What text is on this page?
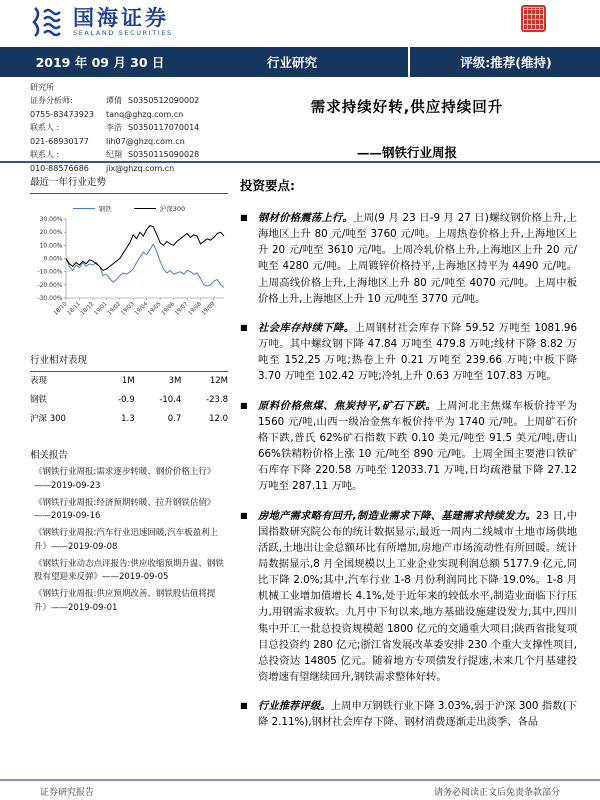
国海证券
SEALAND SECURITIES
2019 年 09 月 30 日	行业研究	评级:推荐(维持)
研究所
证券分析师:	谭倩 S0350512090002
0755-83473923	tanq@ghzq.com.cn
联系人 :	李浩 S0350117070014
021-68930177	lih07@ghzq.com.cn
联系人 :	纪翔 S0350115090028
010-88576686	jix@ghzq.com.cn
需求持续好转,供应持续回升
——钢铁行业周报
最近一年行业走势
钢铁	沪深300
30.00%
20.00%
10.00%
0.00%
-10.00%
-20.00%
-30.00%
18/10
18/11
18/12
19/01
19/02
19/03
19/04
19/05
19/06
19/07
19/08
19/09
行业相对表现
表现	1M	3M	12M
钢铁	-0.9	-10.4	-23.8
沪深 300	1.3	0.7	12.0
相关报告
《钢铁行业周报:需求逐步转暖、钢价价格上行》——2019-09-23
《钢铁行业周报:经济预期转暖、拉升钢铁估值》——2019-09-16
《钢铁行业周报:汽车行业迅速回暖,汽车板盈利上升》——2019-09-08
《钢铁行业动态点评报告:供应收缩预期升温、钢铁股有望迎来反弹》——2019-09-05
《钢铁行业周报:供应预期改善、钢铁股估值将提升》——2019-09-01
投资要点:
■	钢材价格震荡上行。上周(9 月 23 日-9 月 27 日)螺纹钢价格上升,上海地区上升 80 元/吨至 3760 元/吨。上周热卷价格上升,上海地区上升 20 元/吨至 3610 元/吨。上周冷轧价格上升,上海地区上升 20 元/吨至 4280 元/吨。上周镀锌价格持平,上海地区持平为 4490 元/吨。上周高线价格上升,上海地区上升 80 元/吨至 4070 元/吨。上周中板价格上升,上海地区上升 10 元/吨至 3770 元/吨。

■	社会库存持续下降。上周钢材社会库存下降 59.52 万吨至 1081.96 万吨。其中螺纹钢下降 47.84 万吨至 479.8 万吨;线材下降 8.82 万吨至 152.25 万吨;热卷上升 0.21 万吨至 239.66 万吨;中板下降 3.70 万吨至 102.42 万吨;冷轧上升 0.63 万吨至 107.83 万吨。

■	原料价格焦煤、焦炭持平,矿石下跌。上周河北主焦煤车板价持平为 1560 元/吨,山西一级冶金焦车板价持平为 1740 元/吨。上周矿石价格下跌,普氏 62%矿石指数下跌 0.10 美元/吨至 91.5 美元/吨,唐山 66%铁精粉价格上涨 10 元/吨至 890 元/吨。上周全国主要港口铁矿石库存下降 220.58 万吨至 12033.71 万吨,日均疏港量下降 27.12 万吨至 287.11 万吨。

■	房地产需求略有回升,制造业需求下降、基建需求持续发力。23 日,中国指数研究院公布的统计数据显示,最近一周内二线城市土地市场供地活跃,土地出让金总额环比有所增加,房地产市场流动性有所回暖。统计局数据显示,8 月全国规模以上工业企业实现利润总额 5177.9 亿元,同比下降 2.0%;其中,汽车行业 1-8 月份利润同比下降 19.0%。1-8 月机械工业增加值增长 4.1%,处于近年来的较低水平,制造业面临下行压力,用钢需求疲软。九月中下旬以来,地方基础设施建设发力,其中,四川集中开工一批总投资规模超 1800 亿元的交通重大项目;陕西省批复项目总投资约 280 亿元;浙江省发展改革委安排 230 个重大支撑性项目,总投资达 14805 亿元。随着地方专项债发行提速,未来几个月基建投资增速有望继续回升,钢铁需求整体好转。

■	行业推荐评级。上周申万钢铁行业下降 3.03%,弱于沪深 300 指数(下降 2.11%),钢材社会库存下降、钢材消费逐渐走出淡季、各品

证券研究报告	请务必阅读正文后免责条款部分
